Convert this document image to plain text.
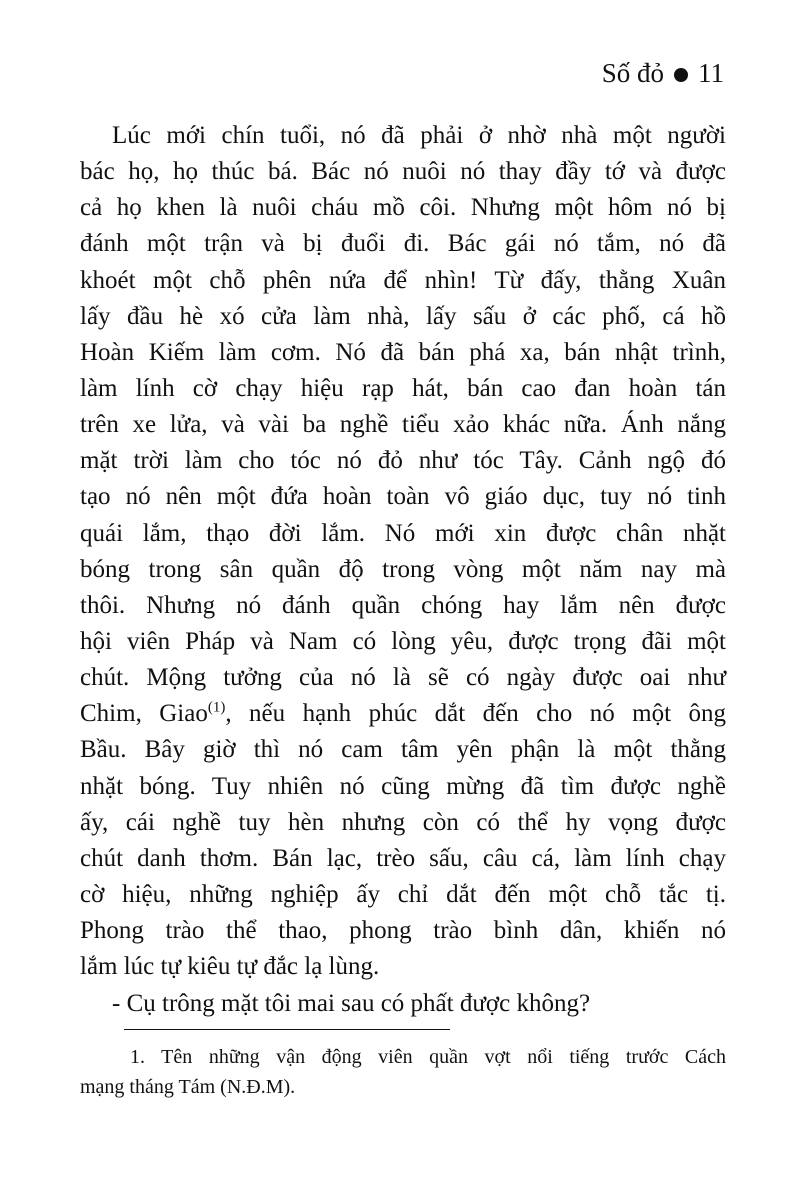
Số đỏ 11
Lúc mới chín tuổi, nó đã phải ở nhờ nhà một người
bác họ, họ thúc bá. Bác nó nuôi nó thay đầy tớ và được
cả họ khen là nuôi cháu mồ côi. Nhưng một hôm nó bị
đánh một trận và bị đuổi đi. Bác gái nó tắm, nó đã
khoét một chỗ phên nứa để nhìn! Từ đấy, thằng Xuân
lấy đầu hè xó cửa làm nhà, lấy sấu ở các phố, cá hồ
Hoàn Kiếm làm cơm. Nó đã bán phá xa, bán nhật trình,
làm lính cờ chạy hiệu rạp hát, bán cao đan hoàn tán
trên xe lửa, và vài ba nghề tiểu xảo khác nữa. Ánh nắng
mặt trời làm cho tóc nó đỏ như tóc Tây. Cảnh ngộ đó
tạo nó nên một đứa hoàn toàn vô giáo dục, tuy nó tinh
quái lắm, thạo đời lắm. Nó mới xin được chân nhặt
bóng trong sân quần độ trong vòng một năm nay mà
thôi. Nhưng nó đánh quần chóng hay lắm nên được
hội viên Pháp và Nam có lòng yêu, được trọng đãi một
chút. Mộng tưởng của nó là sẽ có ngày được oai như
Chim, Giao$^{(1)}$, nếu hạnh phúc dắt đến cho nó một ông
Bầu. Bây giờ thì nó cam tâm yên phận là một thằng
nhặt bóng. Tuy nhiên nó cũng mừng đã tìm được nghề
ấy, cái nghề tuy hèn nhưng còn có thể hy vọng được
chút danh thơm. Bán lạc, trèo sấu, câu cá, làm lính chạy
cờ hiệu, những nghiệp ấy chỉ dắt đến một chỗ tắc tị.
Phong trào thể thao, phong trào bình dân, khiến nó
lắm lúc tự kiêu tự đắc lạ lùng.
- Cụ trông mặt tôi mai sau có phất được không?
1. Tên những vận động viên quần vợt nổi tiếng trước Cách
mạng tháng Tám (N.Đ.M).
